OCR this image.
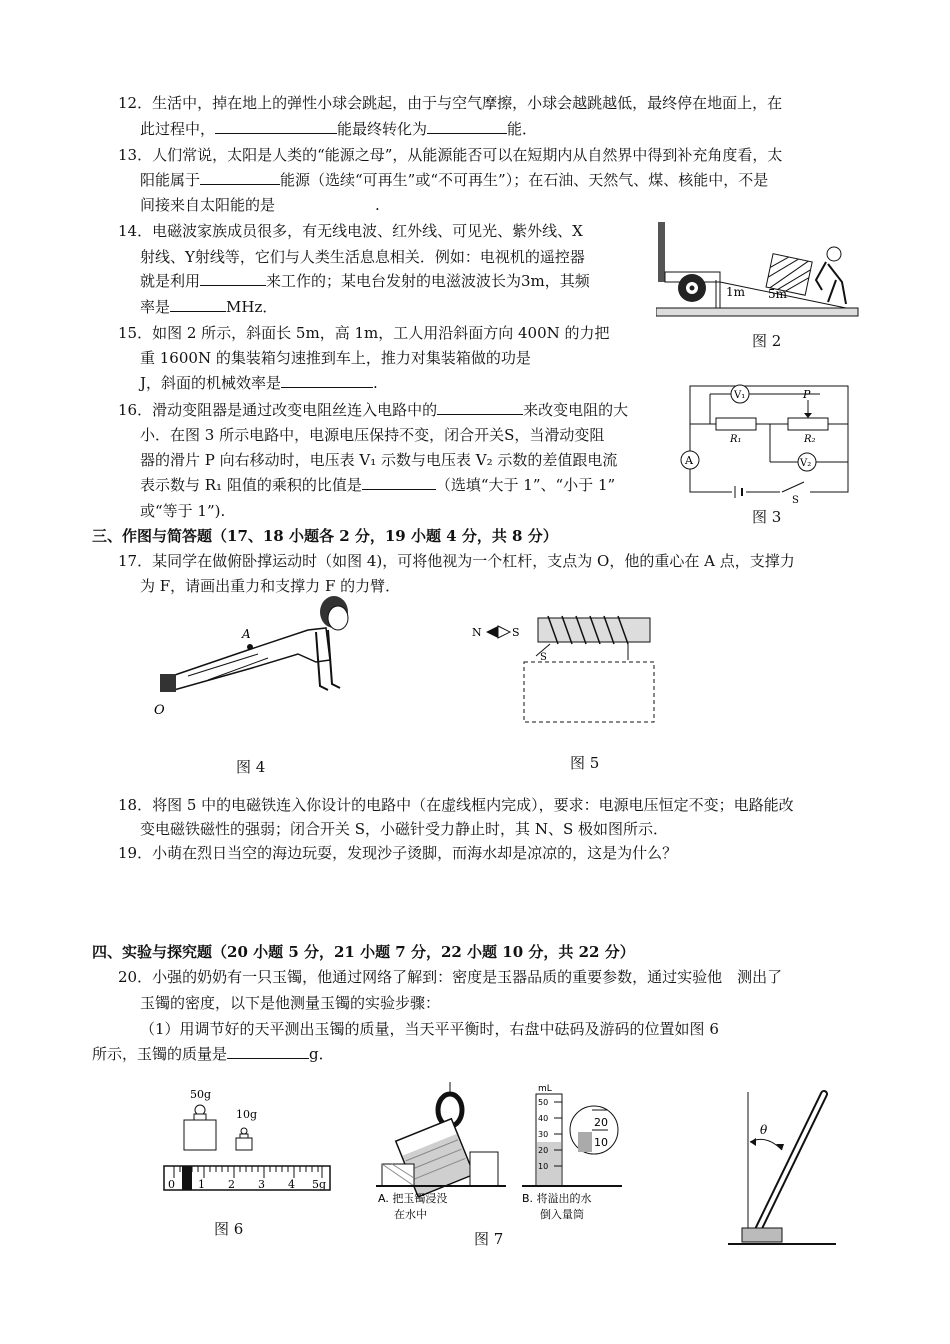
12．生活中，掉在地上的弹性小球会跳起，由于与空气摩擦，小球会越跳越低，最终停在地面上，在
此过程中，	能最终转化为	能．
13．人们常说，太阳是人类的“能源之母”，从能源能否可以在短期内从自然界中得到补充角度看，太
阳能属于	能源（选续“可再生”或“不可再生”）；在石油、天然气、煤、核能中，不是
间接来自太阳能的是	.
14．电磁波家族成员很多，有无线电波、红外线、可见光、紫外线、X
射线、Υ射线等，它们与人类生活息息相关．例如：电视机的遥控器
就是利用	来工作的；某电台发射的电滋波波长为3m，其频
率是	MHz．
15．如图 2 所示，斜面长 5m，高 1m，工人用沿斜面方向 400N 的力把
重 1600N 的集装箱匀速推到车上，推力对集装箱做的功是
J，斜面的机械效率是	.
16．滑动变阻器是通过改变电阻丝连入电路中的	来改变电阻的大
小．在图 3 所示电路中，电源电压保持不变，闭合开关S，当滑动变阻
器的滑片 P 向右移动时，电压表 V₁ 示数与电压表 V₂ 示数的差值跟电流
表示数与 R₁ 阻值的乘积的比值是	（选填“大于 1”、“小于 1”
或“等于 1”).
三、作图与简答题（17、18 小题各 2 分，19 小题 4 分，共 8 分）
17．某同学在做俯卧撑运动时（如图 4)，可将他视为一个杠杆，支点为 O，他的重心在 A 点，支撑力
为 F，请画出重力和支撑力 F 的力臂．
1m 5m
图 2
V₁	P
R₁	R₂
V₂
A
S
图 3
A
O
图 4
N	S
S
图 5
18．将图 5 中的电磁铁连入你设计的电路中（在虚线框内完成），要求：电源电压恒定不变；电路能改
变电磁铁磁性的强弱；闭合开关 S，小磁针受力静止时，其 N、S 极如图所示．
19．小萌在烈日当空的海边玩耍，发现沙子烫脚，而海水却是凉凉的，这是为什么？
四、实验与探究题（20 小题 5 分，21 小题 7 分，22 小题 10 分，共 22 分）
20．小强的奶奶有一只玉镯，他通过网络了解到：密度是玉器品质的重要参数，通过实验他　测出了
玉镯的密度，以下是他测量玉镯的实验步骤：
（1）用调节好的天平测出玉镯的质量，当天平平衡时，右盘中砝码及游码的位置如图 6
所示，玉镯的质量是	g．
50g
10g
0 1 2 3 4 5g
图 6
A. 把玉镯浸没
在水中
mL
50
40
30
20
10
20
10
B. 将溢出的水
倒入量筒
图 7
θ
